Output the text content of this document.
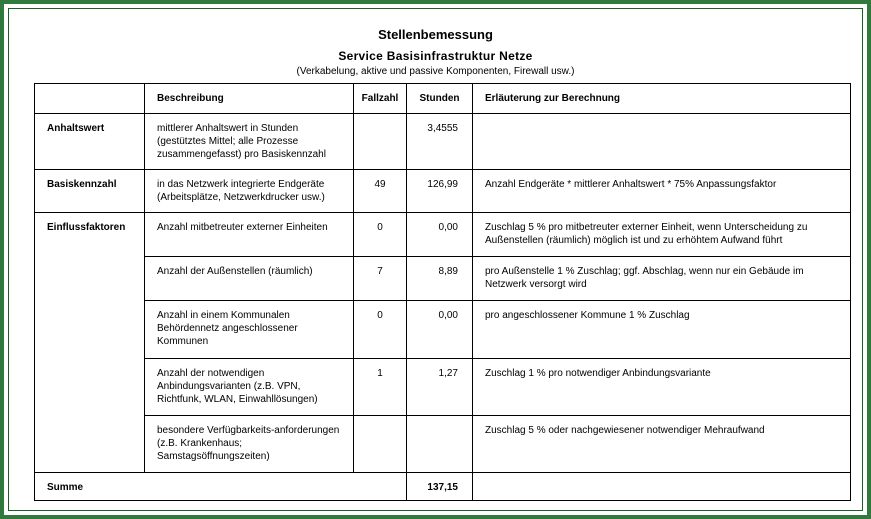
Stellenbemessung
Service Basisinfrastruktur Netze
(Verkabelung, aktive und passive Komponenten, Firewall usw.)
	Beschreibung	Fallzahl	Stunden	Erläuterung zur Berechnung
Anhaltswert	mittlerer Anhaltswert in Stunden (gestütztes Mittel; alle Prozesse zusammengefasst) pro Basiskennzahl		3,4555	
Basiskennzahl	in das Netzwerk integrierte Endgeräte (Arbeitsplätze, Netzwerkdrucker usw.)	49	126,99	Anzahl Endgeräte * mittlerer Anhaltswert * 75% Anpassungsfaktor
Einflussfaktoren	Anzahl mitbetreuter externer Einheiten	0	0,00	Zuschlag 5 % pro mitbetreuter externer Einheit, wenn Unterscheidung zu Außenstellen (räumlich) möglich ist und zu erhöhtem Aufwand führt
	Anzahl der Außenstellen (räumlich)	7	8,89	pro Außenstelle 1 % Zuschlag; ggf. Abschlag, wenn nur ein Gebäude im Netzwerk versorgt wird
	Anzahl in einem Kommunalen Behördennetz angeschlossener Kommunen	0	0,00	pro angeschlossener Kommune 1 % Zuschlag
	Anzahl der notwendigen Anbindungsvarianten (z.B. VPN, Richtfunk, WLAN, Einwahllösungen)	1	1,27	Zuschlag 1 % pro notwendiger Anbindungsvariante
	besondere Verfügbarkeits-anforderungen (z.B. Krankenhaus; Samstagsöffnungszeiten)			Zuschlag 5 % oder nachgewiesener notwendiger Mehraufwand
Summe			137,15	
